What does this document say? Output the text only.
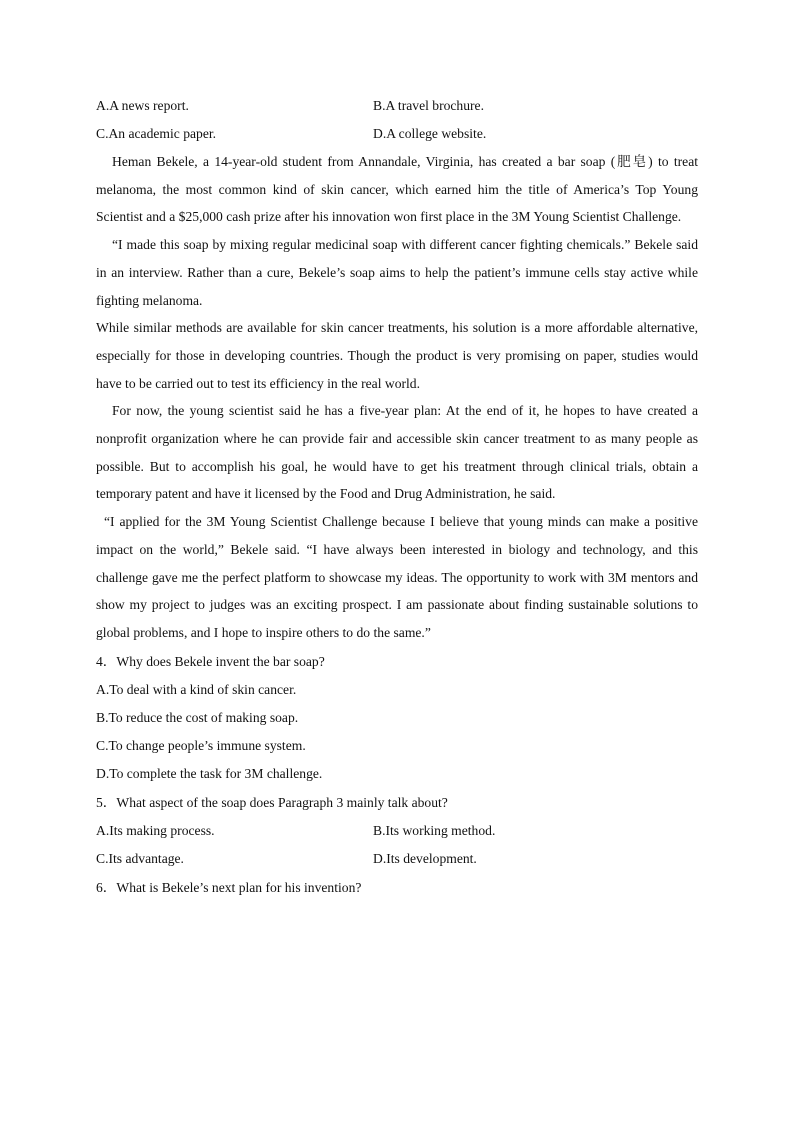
A.A news report.	B.A travel brochure.
C.An academic paper.	D.A college website.

Heman Bekele, a 14-year-old student from Annandale, Virginia, has created a bar soap (肥皂) to treat melanoma, the most common kind of skin cancer, which earned him the title of America’s Top Young Scientist and a $25,000 cash prize after his innovation won first place in the 3M Young Scientist Challenge.

“I made this soap by mixing regular medicinal soap with different cancer fighting chemicals.” Bekele said in an interview. Rather than a cure, Bekele’s soap aims to help the patient’s immune cells stay active while fighting melanoma.

While similar methods are available for skin cancer treatments, his solution is a more affordable alternative, especially for those in developing countries. Though the product is very promising on paper, studies would have to be carried out to test its efficiency in the real world.

For now, the young scientist said he has a five-year plan: At the end of it, he hopes to have created a nonprofit organization where he can provide fair and accessible skin cancer treatment to as many people as possible. But to accomplish his goal, he would have to get his treatment through clinical trials, obtain a temporary patent and have it licensed by the Food and Drug Administration, he said.

“I applied for the 3M Young Scientist Challenge because I believe that young minds can make a positive impact on the world,” Bekele said. “I have always been interested in biology and technology, and this challenge gave me the perfect platform to showcase my ideas. The opportunity to work with 3M mentors and show my project to judges was an exciting prospect. I am passionate about finding sustainable solutions to global problems, and I hope to inspire others to do the same.”

4．Why does Bekele invent the bar soap?
A.To deal with a kind of skin cancer.
B.To reduce the cost of making soap.
C.To change people’s immune system.
D.To complete the task for 3M challenge.
5．What aspect of the soap does Paragraph 3 mainly talk about?
A.Its making process.	B.Its working method.
C.Its advantage.	D.Its development.
6．What is Bekele’s next plan for his invention?
